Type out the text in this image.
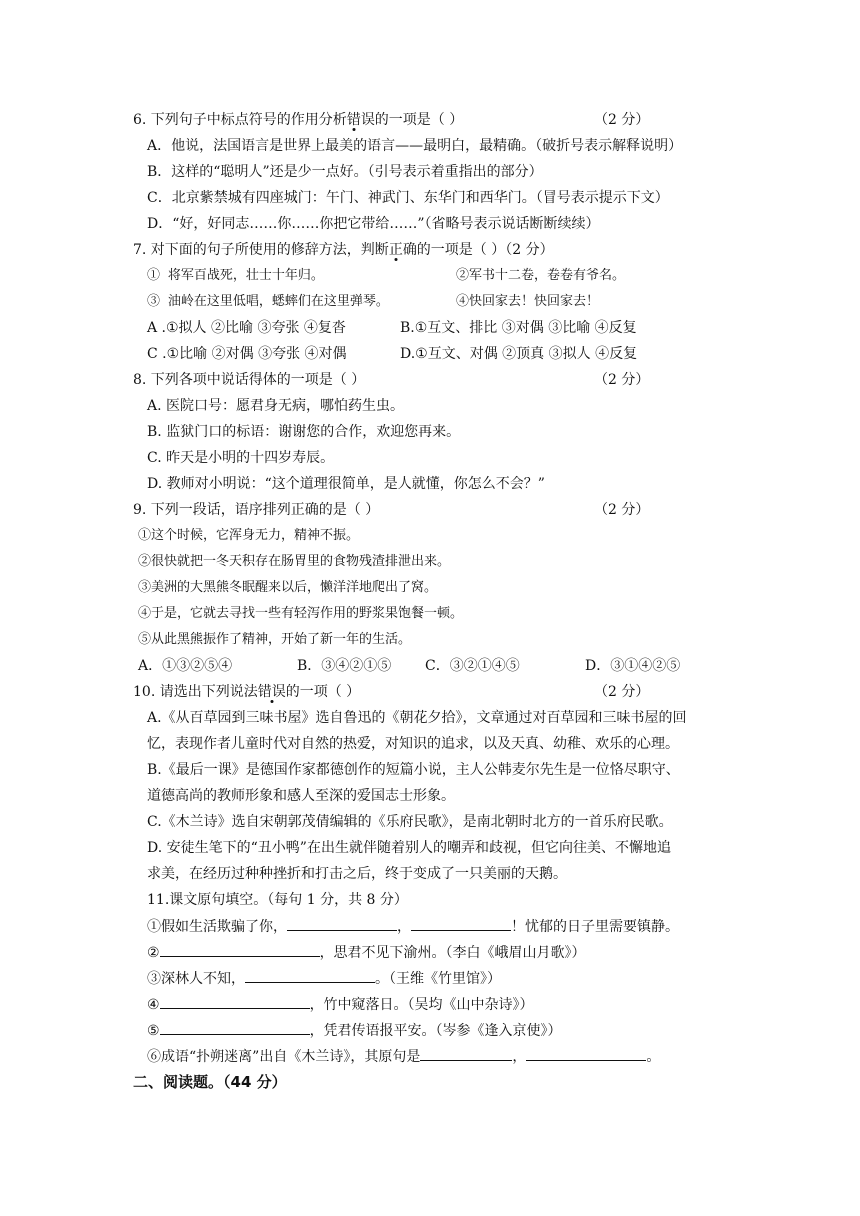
6. 下列句子中标点符号的作用分析错误的一项是（ ）	（2 分）
A．他说，法国语言是世界上最美的语言——最明白，最精确。（破折号表示解释说明）
B．这样的“聪明人”还是少一点好。（引号表示着重指出的部分）
C．北京紫禁城有四座城门：午门、神武门、东华门和西华门。（冒号表示提示下文）
D．“好，好同志……你……你把它带给……”（省略号表示说话断断续续）
7. 对下面的句子所使用的修辞方法，判断正确的一项是（ ）（2 分）
① 将军百战死，壮士十年归。	②军书十二卷，卷卷有爷名。
③ 油岭在这里低唱，蟋蟀们在这里弹琴。	④快回家去！快回家去！
A .①拟人 ②比喻 ③夸张 ④复沓	B.①互文、排比 ③对偶 ③比喻 ④反复
C .①比喻 ②对偶 ③夸张 ④对偶	D.①互文、对偶 ②顶真 ③拟人 ④反复
8. 下列各项中说话得体的一项是（ ）	（2 分）
A. 医院口号：愿君身无病，哪怕药生虫。
B. 监狱门口的标语：谢谢您的合作，欢迎您再来。
C. 昨天是小明的十四岁寿辰。
D. 教师对小明说：“这个道理很简单，是人就懂，你怎么不会？”
9. 下列一段话，语序排列正确的是（ ）	（2 分）
①这个时候，它浑身无力，精神不振。
②很快就把一冬天积存在肠胃里的食物残渣排泄出来。
③美洲的大黑熊冬眠醒来以后，懒洋洋地爬出了窝。
④于是，它就去寻找一些有轻泻作用的野浆果饱餐一顿。
⑤从此黑熊振作了精神，开始了新一年的生活。
A．①③②⑤④	B．③④②①⑤ C．③②①④⑤	D．③①④②⑤
10. 请选出下列说法错误的一项（ ）	（2 分）
A.《从百草园到三味书屋》选自鲁迅的《朝花夕拾》，文章通过对百草园和三味书屋的回
忆，表现作者儿童时代对自然的热爱，对知识的追求，以及天真、幼稚、欢乐的心理。
B.《最后一课》是德国作家都德创作的短篇小说，主人公韩麦尔先生是一位恪尽职守、
道德高尚的教师形象和感人至深的爱国志士形象。
C.《木兰诗》选自宋朝郭茂倩编辑的《乐府民歌》，是南北朝时北方的一首乐府民歌。
D. 安徒生笔下的“丑小鸭”在出生就伴随着别人的嘲弄和歧视，但它向往美、不懈地追
求美，在经历过种种挫折和打击之后，终于变成了一只美丽的天鹅。
11.课文原句填空。（每句 1 分，共 8 分）
①假如生活欺骗了你，	，	！忧郁的日子里需要镇静。
②	，思君不见下渝州。（李白《峨眉山月歌》）
③深林人不知，	。（王维《竹里馆》）
④	，竹中窥落日。（吴均《山中杂诗》）
⑤	，凭君传语报平安。（岑参《逢入京使》）
⑥成语“扑朔迷离”出自《木兰诗》，其原句是	，	。
二、阅读题。（44 分）
